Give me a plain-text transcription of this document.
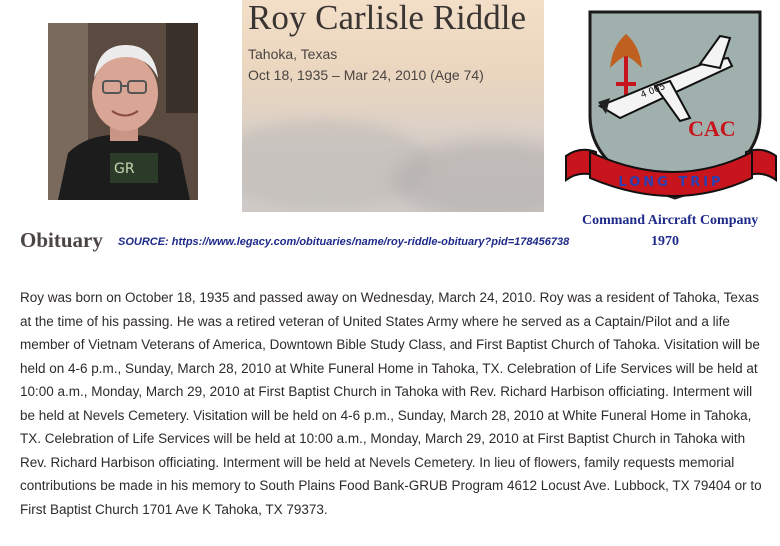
GR
Roy Carlisle Riddle
Tahoka, Texas
Oct 18, 1935 – Mar 24, 2010 (Age 74)
4 005
CAC
LONG TRIP
Command Aircraft Company
1970
Obituary SOURCE: https://www.legacy.com/obituaries/name/roy-riddle-obituary?pid=178456738

Roy was born on October 18, 1935 and passed away on Wednesday, March 24, 2010. Roy was a resident of Tahoka, Texas at the time of his passing. He was a retired veteran of United States Army where he served as a Captain/Pilot and a life member of Vietnam Veterans of America, Downtown Bible Study Class, and First Baptist Church of Tahoka. Visitation will be held on 4-6 p.m., Sunday, March 28, 2010 at White Funeral Home in Tahoka, TX. Celebration of Life Services will be held at 10:00 a.m., Monday, March 29, 2010 at First Baptist Church in Tahoka with Rev. Richard Harbison officiating. Interment will be held at Nevels Cemetery. Visitation will be held on 4-6 p.m., Sunday, March 28, 2010 at White Funeral Home in Tahoka, TX. Celebration of Life Services will be held at 10:00 a.m., Monday, March 29, 2010 at First Baptist Church in Tahoka with Rev. Richard Harbison officiating. Interment will be held at Nevels Cemetery. In lieu of flowers, family requests memorial contributions be made in his memory to South Plains Food Bank-GRUB Program 4612 Locust Ave. Lubbock, TX 79404 or to First Baptist Church 1701 Ave K Tahoka, TX 79373.
